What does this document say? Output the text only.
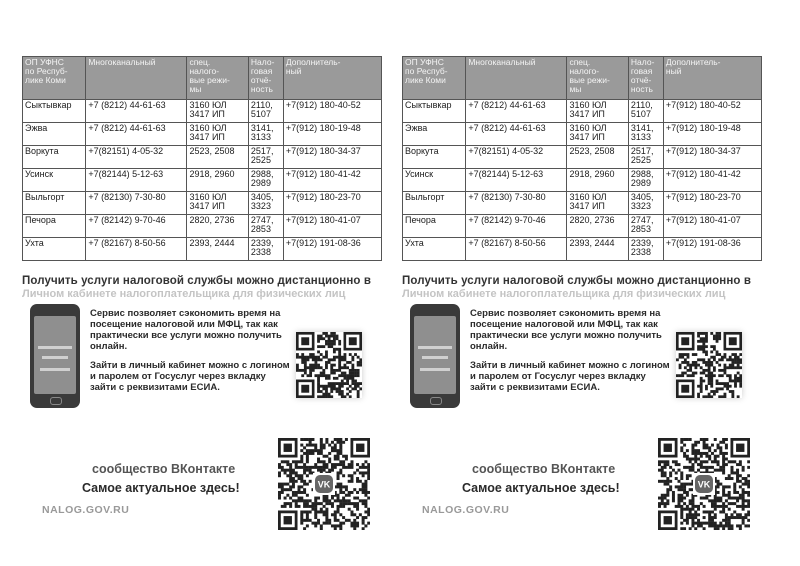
ОП УФНС
по Респуб-
лике Коми	Многоканальный	спец.
налого-
вые режи-
мы	Нало-
говая
отчё-
ность	Дополнитель-
ный
Сыктывкар	+7 (8212) 44-61-63	3160 ЮЛ
3417 ИП	2110,
5107	+7(912) 180-40-52
Эжва	+7 (8212) 44-61-63	3160 ЮЛ
3417 ИП	3141,
3133	+7(912) 180-19-48
Воркута	+7(82151) 4-05-32	2523, 2508	2517,
2525	+7(912) 180-34-37
Усинск	+7(82144) 5-12-63	2918, 2960	2988,
2989	+7(912) 180-41-42
Выльгорт	+7 (82130) 7-30-80	3160 ЮЛ
3417 ИП	3405,
3323	+7(912) 180-23-70
Печора	+7 (82142) 9-70-46	2820, 2736	2747,
2853	+7(912) 180-41-07
Ухта	+7 (82167) 8-50-56	2393, 2444	2339,
2338	+7(912) 191-08-36
Получить услуги налоговой службы можно дистанционно в
Личном кабинете налогоплательщика для физических лиц

Сервис позволяет сэкономить время на посещение налоговой или МФЦ, так как практически все услуги можно получить онлайн.

Зайти в личный кабинет можно с логином и паролем от Госуслуг через вкладку зайти с реквизитами ЕСИА.

сообщество ВКонтакте
Самое актуальное здесь!
NALOG.GOV.RU
VK
ОП УФНС
по Респуб-
лике Коми	Многоканальный	спец.
налого-
вые режи-
мы	Нало-
говая
отчё-
ность	Дополнитель-
ный
Сыктывкар	+7 (8212) 44-61-63	3160 ЮЛ
3417 ИП	2110,
5107	+7(912) 180-40-52
Эжва	+7 (8212) 44-61-63	3160 ЮЛ
3417 ИП	3141,
3133	+7(912) 180-19-48
Воркута	+7(82151) 4-05-32	2523, 2508	2517,
2525	+7(912) 180-34-37
Усинск	+7(82144) 5-12-63	2918, 2960	2988,
2989	+7(912) 180-41-42
Выльгорт	+7 (82130) 7-30-80	3160 ЮЛ
3417 ИП	3405,
3323	+7(912) 180-23-70
Печора	+7 (82142) 9-70-46	2820, 2736	2747,
2853	+7(912) 180-41-07
Ухта	+7 (82167) 8-50-56	2393, 2444	2339,
2338	+7(912) 191-08-36
Получить услуги налоговой службы можно дистанционно в
Личном кабинете налогоплательщика для физических лиц

Сервис позволяет сэкономить время на посещение налоговой или МФЦ, так как практически все услуги можно получить онлайн.

Зайти в личный кабинет можно с логином и паролем от Госуслуг через вкладку зайти с реквизитами ЕСИА.

сообщество ВКонтакте
Самое актуальное здесь!
NALOG.GOV.RU
VK
